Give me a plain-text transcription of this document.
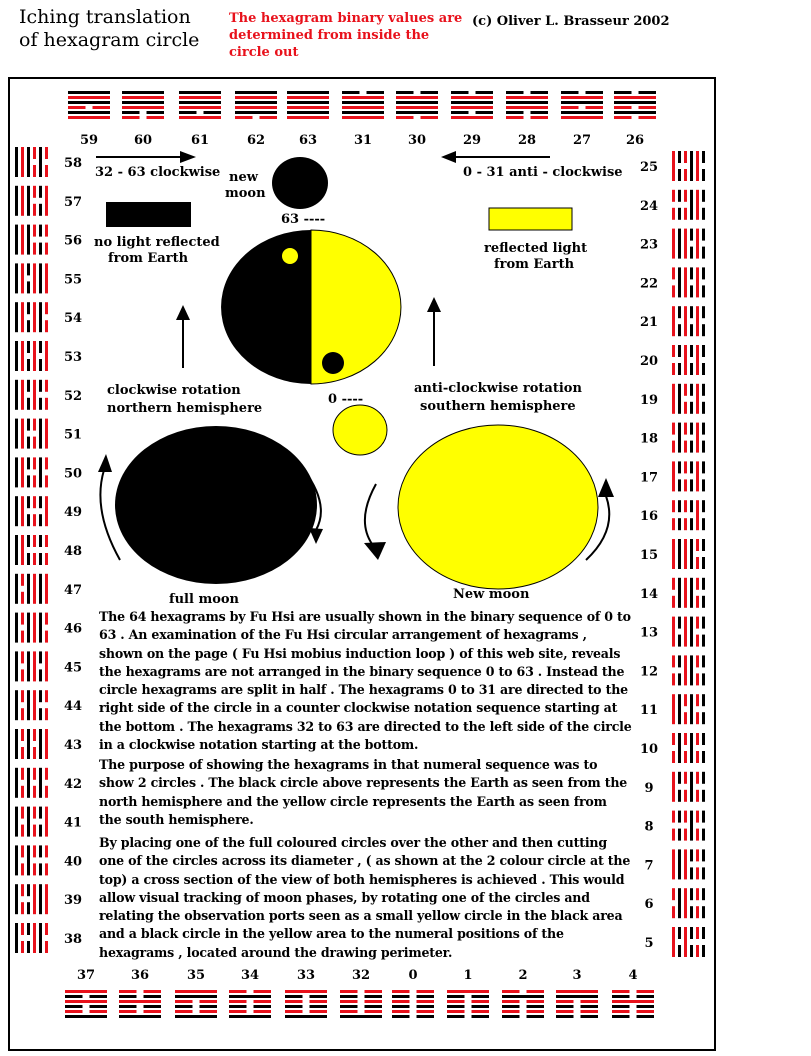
Iching translation of hexagram circle
The hexagram binary values are determined from inside the circle out
(c) Oliver L. Brasseur 2002
59	60	61	62	63	31	30	29	28	27	26
37	36	35	34	33	32	0	1	2	3	4
58
57
56
55
54
53
52
51
50
49
48
47
46
45
44
43
42
41
40
39
38
25
24
23
22
21
20
19
18
17
16
15
14
13
12
11
10
9
8
7
6
5
32 - 63 clockwise	0 - 31 anti - clockwise
new
moon
no light reflected
from Earth
reflected light
from Earth
63 ----
clockwise rotation
northern hemisphere
anti-clockwise rotation
southern hemisphere
0 ----
full moon	New moon

The 64 hexagrams by Fu Hsi are usually shown in the binary sequence of 0 to 63 . An examination of the Fu Hsi circular arrangement of hexagrams , shown on the page ( Fu Hsi mobius induction loop ) of this web site, reveals the hexagrams are not arranged in the binary sequence 0 to 63 . Instead the circle hexagrams are split in half . The hexagrams 0 to 31 are directed to the right side of the circle in a counter clockwise notation sequence starting at the bottom . The hexagrams 32 to 63 are directed to the left side of the circle in a clockwise notation starting at the bottom.

The purpose of showing the hexagrams in that numeral sequence was to show 2 circles . The black circle above represents the Earth as seen from the north hemisphere and the yellow circle represents the Earth as seen from the south hemisphere.

By placing one of the full coloured circles over the other and then cutting one of the circles across its diameter , ( as shown at the 2 colour circle at the top) a cross section of the view of both hemispheres is achieved . This would allow visual tracking of moon phases, by rotating one of the circles and relating the observation ports seen as a small yellow circle in the black area and a black circle in the yellow area to the numeral positions of the hexagrams , located around the drawing perimeter.
